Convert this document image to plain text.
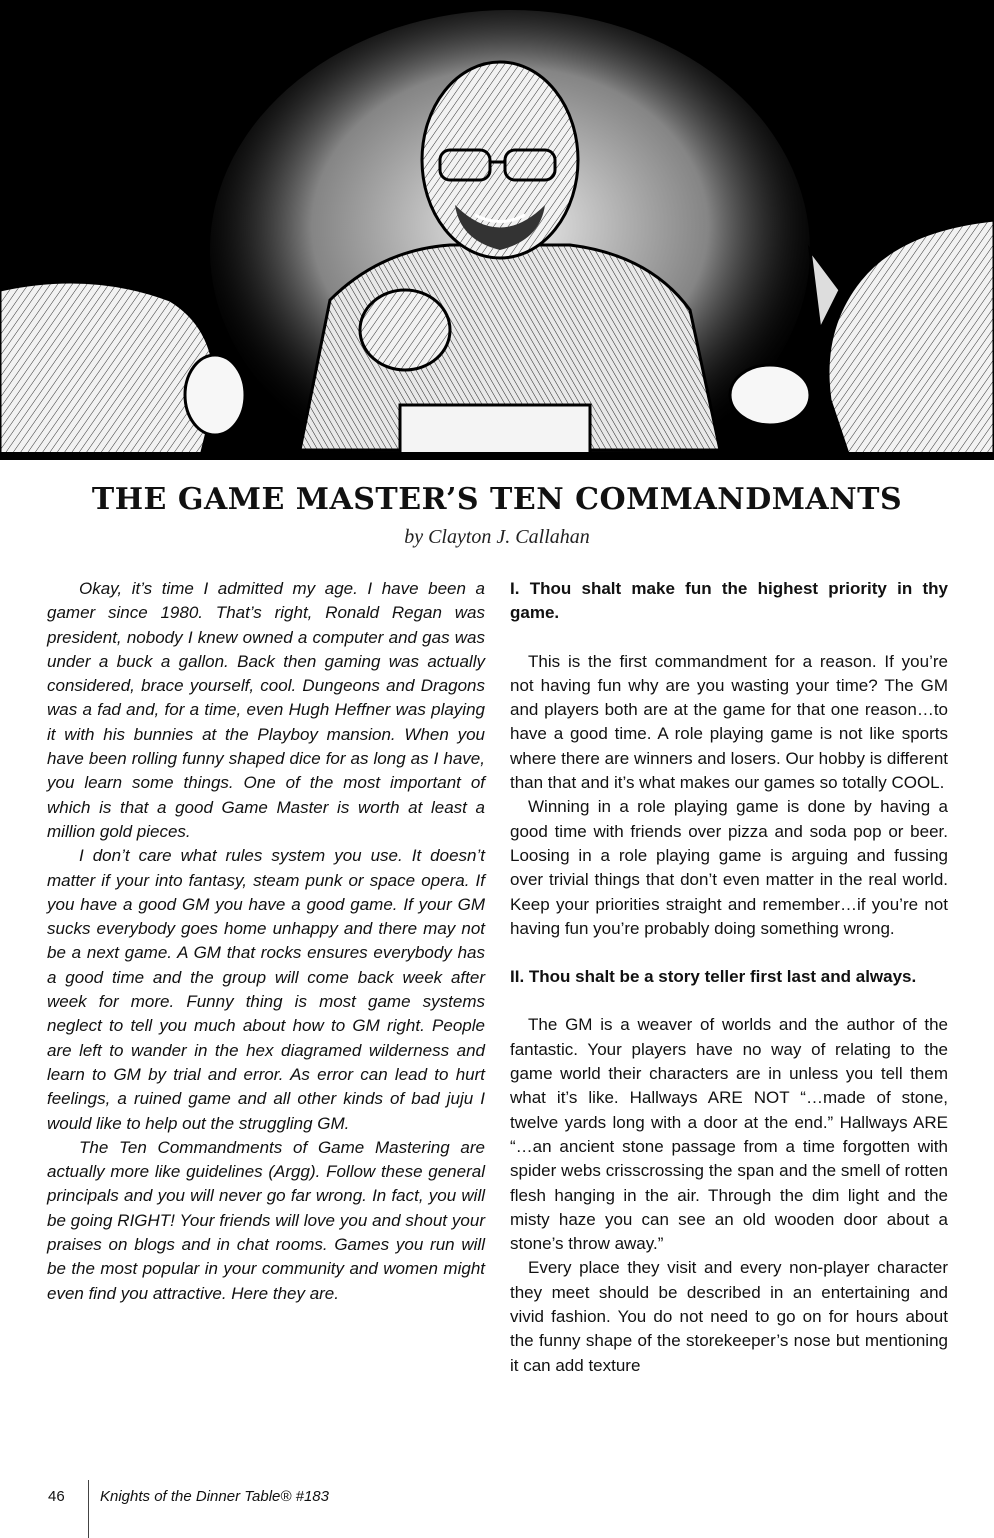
THE GAME MASTER’S TEN COMMANDMANTS
by Clayton J. Callahan

Okay, it’s time I admitted my age. I have been a gamer since 1980. That’s right, Ronald Regan was president, nobody I knew owned a computer and gas was under a buck a gallon. Back then gaming was actually considered, brace yourself, cool. Dungeons and Dragons was a fad and, for a time, even Hugh Heffner was playing it with his bunnies at the Playboy mansion. When you have been rolling funny shaped dice for as long as I have, you learn some things. One of the most important of which is that a good Game Master is worth at least a million gold pieces.

I don’t care what rules system you use. It doesn’t matter if your into fantasy, steam punk or space opera. If you have a good GM you have a good game. If your GM sucks everybody goes home unhappy and there may not be a next game. A GM that rocks ensures everybody has a good time and the group will come back week after week for more. Funny thing is most game systems neglect to tell you much about how to GM right. People are left to wander in the hex diagramed wilderness and learn to GM by trial and error. As error can lead to hurt feelings, a ruined game and all other kinds of bad juju I would like to help out the struggling GM.

The Ten Commandments of Game Mastering are actually more like guidelines (Argg). Follow these general principals and you will never go far wrong. In fact, you will be going RIGHT! Your friends will love you and shout your praises on blogs and in chat rooms. Games you run will be the most popular in your community and women might even find you attractive. Here they are.

I. Thou shalt make fun the highest priority in thy game.

This is the first commandment for a reason. If you’re not having fun why are you wasting your time? The GM and players both are at the game for that one reason…to have a good time. A role playing game is not like sports where there are winners and losers. Our hobby is different than that and it’s what makes our games so totally COOL.

Winning in a role playing game is done by having a good time with friends over pizza and soda pop or beer. Loosing in a role playing game is arguing and fussing over trivial things that don’t even matter in the real world. Keep your priorities straight and remember…if you’re not having fun you’re probably doing something wrong.

II. Thou shalt be a story teller first last and always.

The GM is a weaver of worlds and the author of the fantastic. Your players have no way of relating to the game world their characters are in unless you tell them what it’s like. Hallways ARE NOT “…made of stone, twelve yards long with a door at the end.” Hallways ARE “…an ancient stone passage from a time forgotten with spider webs crisscrossing the span and the smell of rotten flesh hanging in the air. Through the dim light and the misty haze you can see an old wooden door about a stone’s throw away.”

Every place they visit and every non-player character they meet should be described in an entertaining and vivid fashion. You do not need to go on for hours about the funny shape of the storekeeper’s nose but mentioning it can add texture

46 Knights of the Dinner Table® #183
